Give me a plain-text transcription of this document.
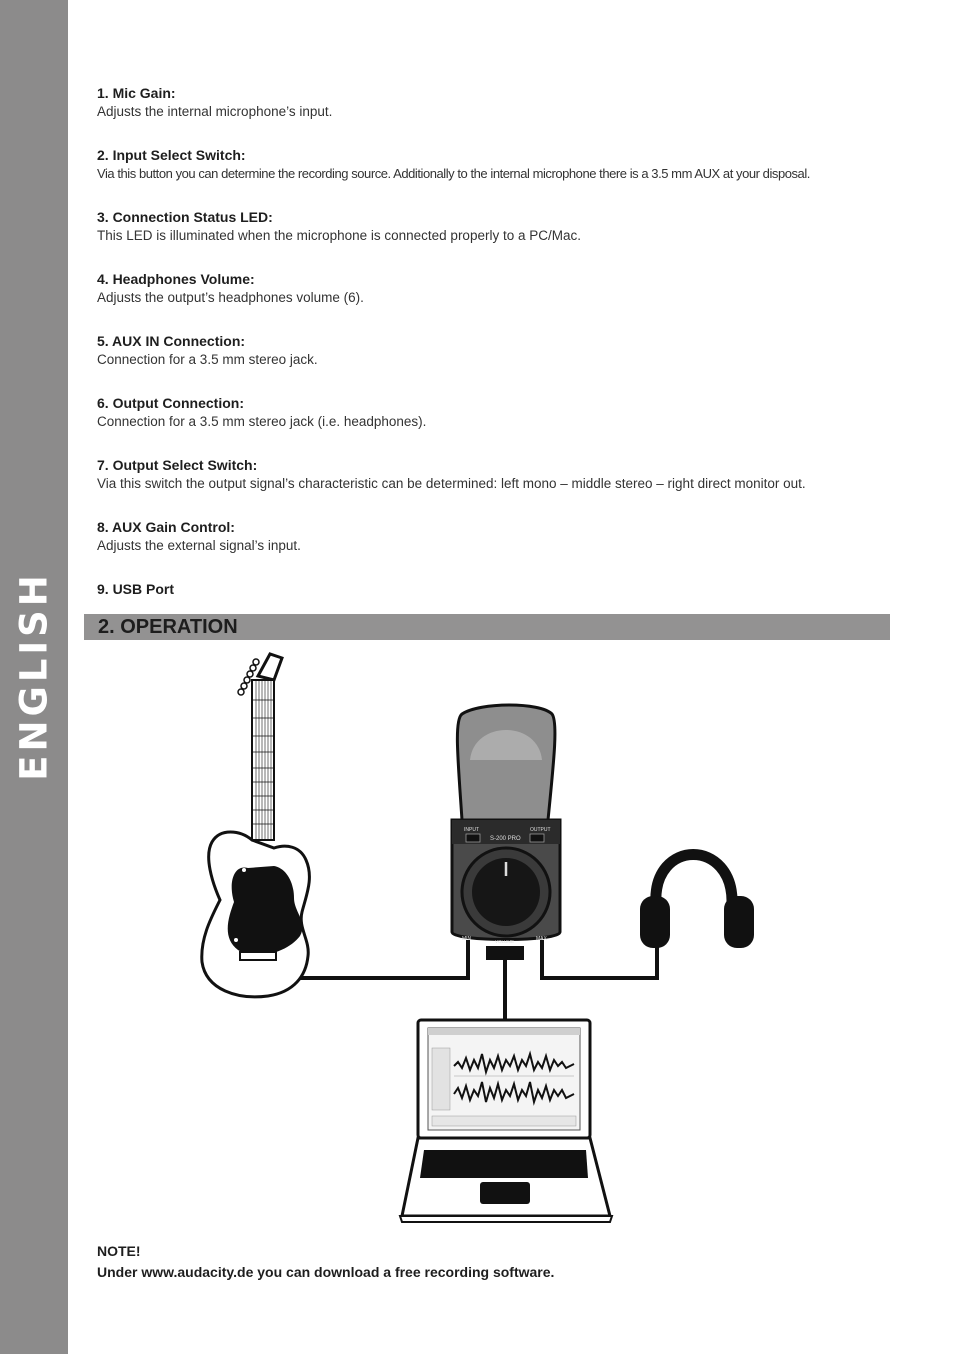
ENGLISH
1. Mic Gain:
Adjusts the internal microphone’s input.
2. Input Select Switch:
Via this button you can determine the recording source. Additionally to the internal microphone there is a 3.5 mm AUX at your disposal.
3. Connection Status LED:
This LED is illuminated when the microphone is connected properly to a PC/Mac.
4. Headphones Volume:
Adjusts the output’s headphones volume (6).
5. AUX IN Connection:
Connection for a 3.5 mm stereo jack.
6. Output Connection:
Connection for a 3.5 mm stereo jack (i.e. headphones).
7. Output Select Switch:
Via this switch the output signal’s characteristic can be determined: left mono – middle stereo – right direct monitor out.
8. AUX Gain Control:
Adjusts the external signal’s input.
9. USB Port
2. OPERATION
INPUT	OUTPUT
S-200 PRO
MIN	MAX
VOLUME
NOTE!
Under www.audacity.de you can download a free recording software.
